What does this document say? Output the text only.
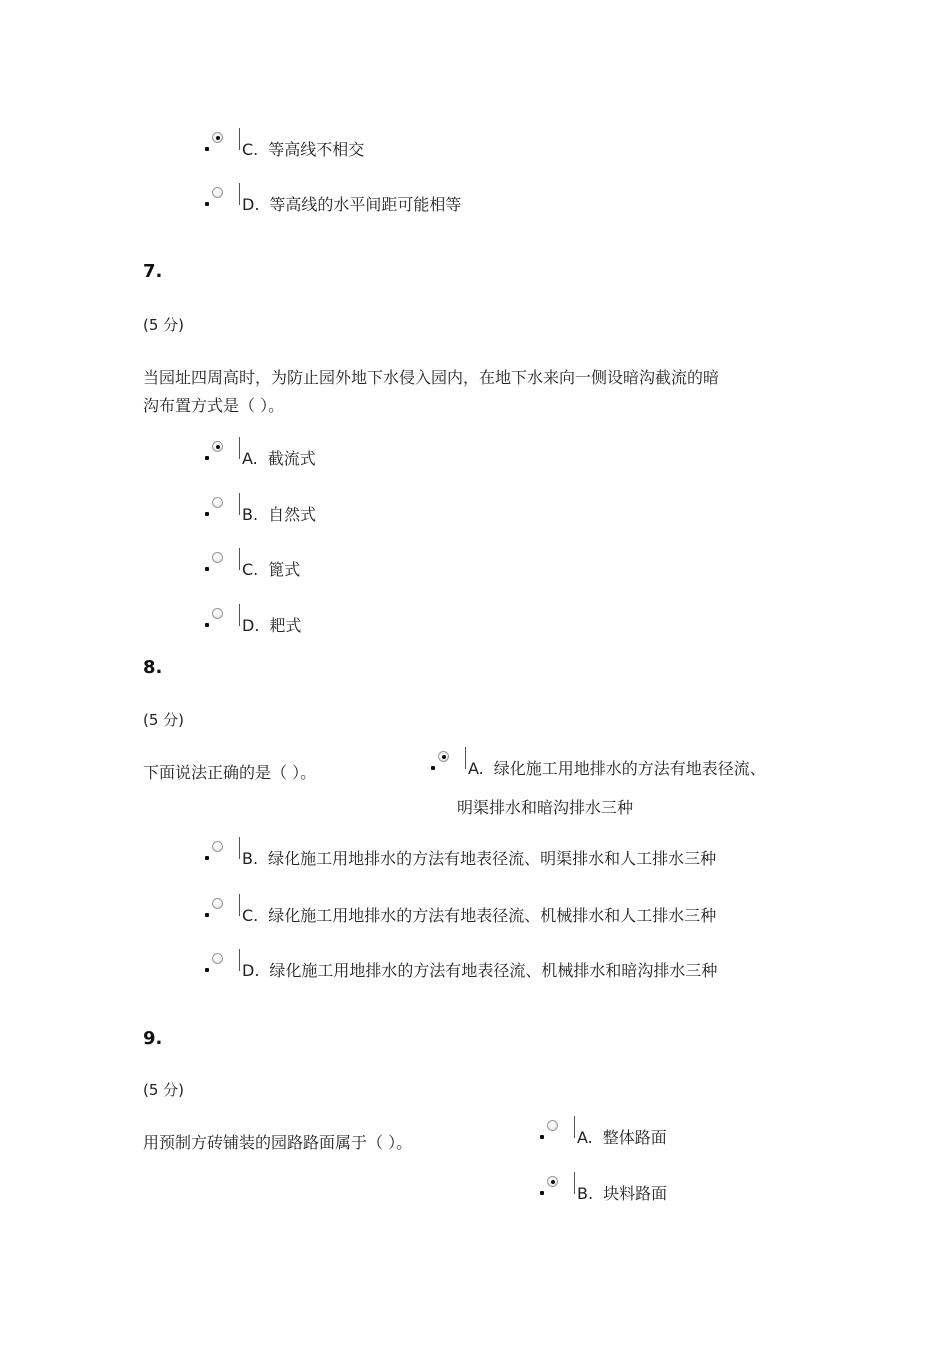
C. 等高线不相交
D. 等高线的水平间距可能相等
7.
(5 分)
当园址四周高时，为防止园外地下水侵入园内，在地下水来向一侧设暗沟截流的暗
沟布置方式是（ ）。
A. 截流式
B. 自然式
C. 篦式
D. 耙式
8.
(5 分)
下面说法正确的是（ ）。	A. 绿化施工用地排水的方法有地表径流、
明渠排水和暗沟排水三种
B. 绿化施工用地排水的方法有地表径流、明渠排水和人工排水三种
C. 绿化施工用地排水的方法有地表径流、机械排水和人工排水三种
D. 绿化施工用地排水的方法有地表径流、机械排水和暗沟排水三种
9.
(5 分)
用预制方砖铺装的园路路面属于（ ）。	A. 整体路面
B. 块料路面
